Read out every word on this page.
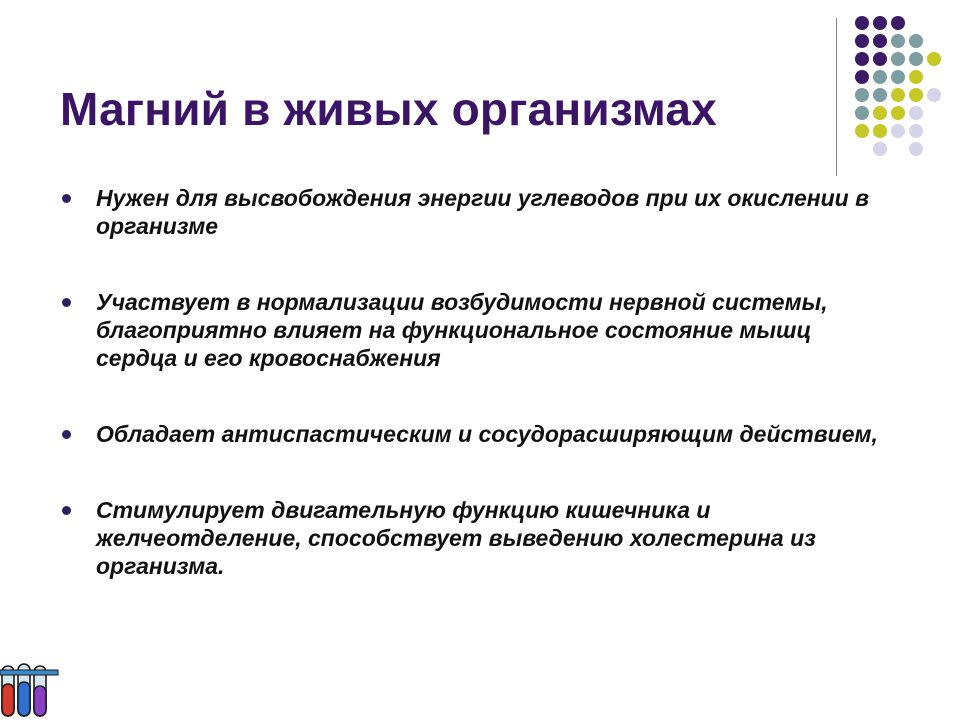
Магний в живых организмах
Нужен для высвобождения энергии углеводов при их окислении в организме
Участвует в нормализации возбудимости нервной системы, благоприятно влияет на функциональное состояние мышц сердца и его кровоснабжения
Обладает антиспастическим и сосудорасширяющим действием,
Стимулирует двигательную функцию кишечника и желчеотделение, способствует выведению холестерина из организма.
